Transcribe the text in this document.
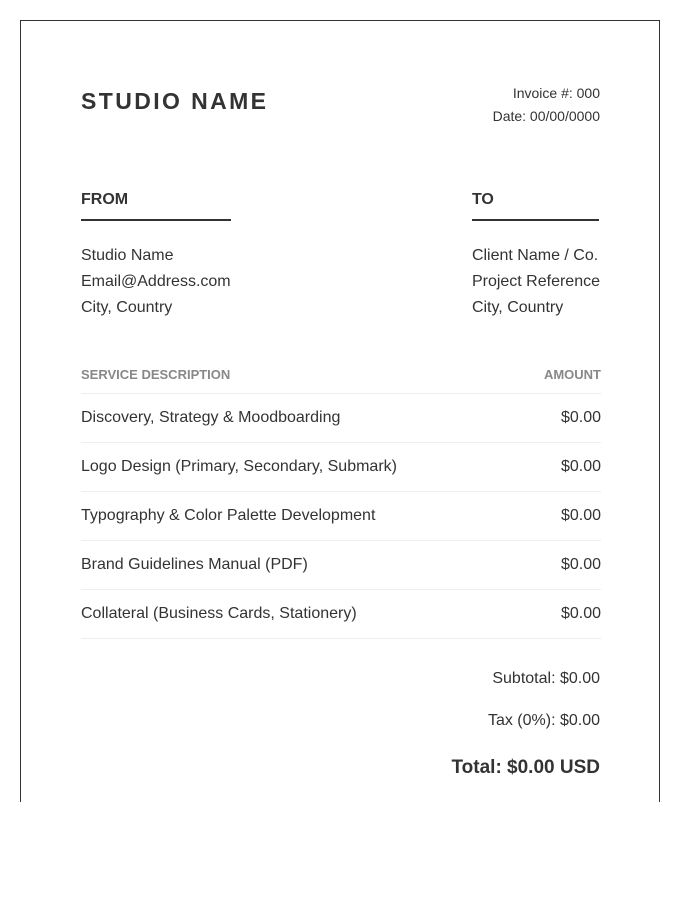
STUDIO NAME	Invoice #: 000
Date: 00/00/0000
FROM
Studio Name
Email@Address.com
City, Country
TO
Client Name / Co.
Project Reference
City, Country
SERVICE DESCRIPTION	AMOUNT
Discovery, Strategy & Moodboarding	$0.00
Logo Design (Primary, Secondary, Submark)	$0.00
Typography & Color Palette Development	$0.00
Brand Guidelines Manual (PDF)	$0.00
Collateral (Business Cards, Stationery)	$0.00
Subtotal: $0.00
Tax (0%): $0.00
Total: $0.00 USD
